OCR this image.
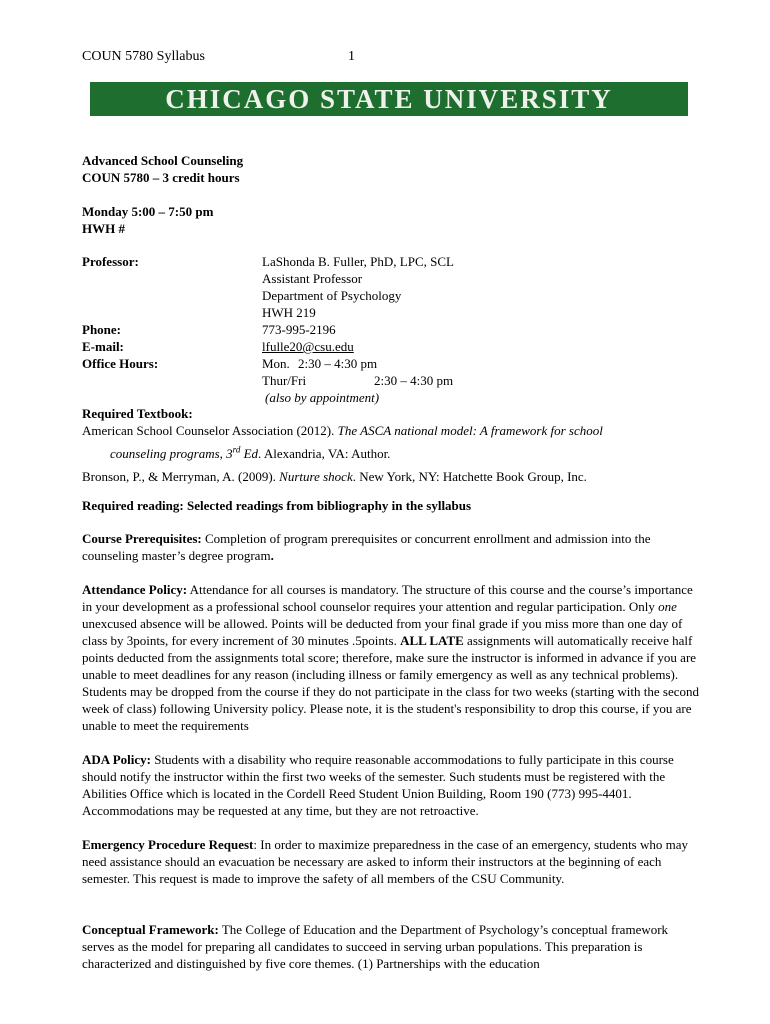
COUN 5780 Syllabus	1
CHICAGO STATE UNIVERSITY

Advanced School Counseling

COUN 5780 – 3 credit hours

Monday 5:00 – 7:50 pm

HWH #

Professor:	LaShonda B. Fuller, PhD, LPC, SCL

Assistant Professor

Department of Psychology

HWH 219

Phone:	773-995-2196
E-mail:	lfulle20@csu.edu
Office Hours:	Mon. 2:30 – 4:30 pm

Thur/Fri	2:30 – 4:30 pm

(also by appointment)

Required Textbook:

American School Counselor Association (2012). The ASCA national model: A framework for school

counseling programs, 3rd Ed. Alexandria, VA: Author.

Bronson, P., & Merryman, A. (2009). Nurture shock. New York, NY: Hatchette Book Group, Inc.

Required reading: Selected readings from bibliography in the syllabus

Course Prerequisites: Completion of program prerequisites or concurrent enrollment and admission into the counseling master’s degree program.

Attendance Policy: Attendance for all courses is mandatory. The structure of this course and the course’s importance in your development as a professional school counselor requires your attention and regular participation. Only one unexcused absence will be allowed. Points will be deducted from your final grade if you miss more than one day of class by 3points, for every increment of 30 minutes .5points. ALL LATE assignments will automatically receive half points deducted from the assignments total score; therefore, make sure the instructor is informed in advance if you are unable to meet deadlines for any reason (including illness or family emergency as well as any technical problems). Students may be dropped from the course if they do not participate in the class for two weeks (starting with the second week of class) following University policy. Please note, it is the student's responsibility to drop this course, if you are unable to meet the requirements

ADA Policy: Students with a disability who require reasonable accommodations to fully participate in this course should notify the instructor within the first two weeks of the semester. Such students must be registered with the Abilities Office which is located in the Cordell Reed Student Union Building, Room 190 (773) 995-4401. Accommodations may be requested at any time, but they are not retroactive.

Emergency Procedure Request: In order to maximize preparedness in the case of an emergency, students who may need assistance should an evacuation be necessary are asked to inform their instructors at the beginning of each semester. This request is made to improve the safety of all members of the CSU Community.

Conceptual Framework: The College of Education and the Department of Psychology’s conceptual framework serves as the model for preparing all candidates to succeed in serving urban populations. This preparation is characterized and distinguished by five core themes. (1) Partnerships with the education
